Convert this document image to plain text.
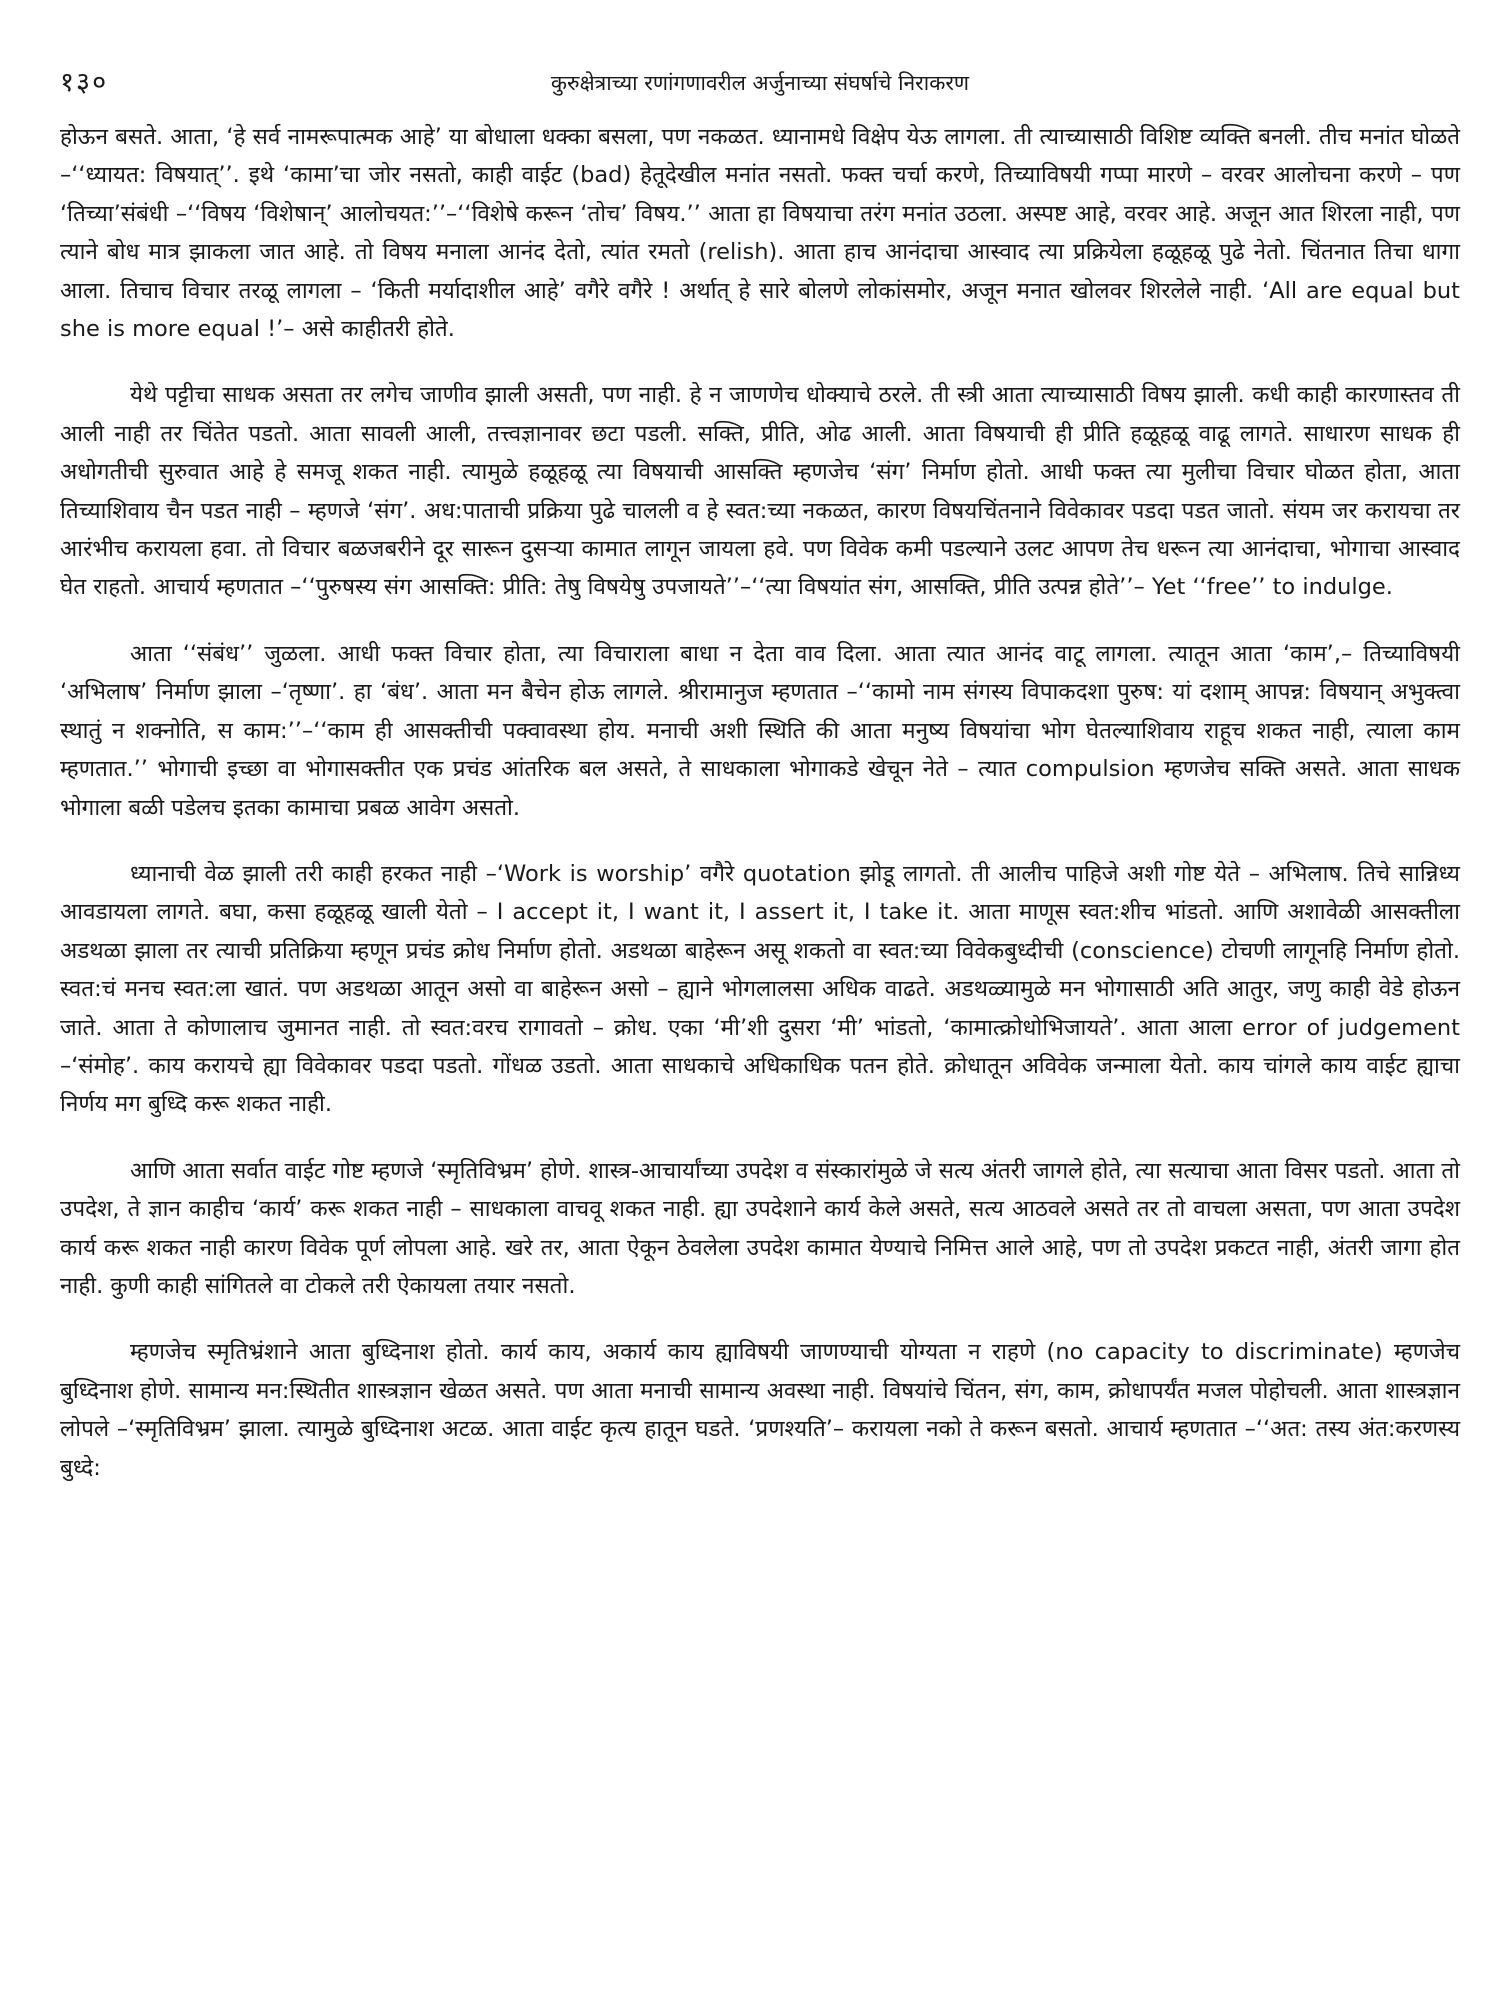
१३०	कुरुक्षेत्राच्या रणांगणावरील अर्जुनाच्या संघर्षाचे निराकरण

होऊन बसते. आता, ‘हे सर्व नामरूपात्मक आहे’ या बोधाला धक्का बसला, पण नकळत. ध्यानामधे विक्षेप येऊ लागला. ती त्याच्यासाठी विशिष्ट व्यक्ति बनली. तीच मनांत घोळते –‘‘ध्यायत: विषयात्’’. इथे ‘कामा’चा जोर नसतो, काही वाईट (bad) हेतूदेखील मनांत नसतो. फक्त चर्चा करणे, तिच्याविषयी गप्पा मारणे – वरवर आलोचना करणे – पण ‘तिच्या’संबंधी –‘‘विषय ‘विशेषान्’ आलोचयत:’’–‘‘विशेषे करून ‘तोच’ विषय.’’ आता हा विषयाचा तरंग मनांत उठला. अस्पष्ट आहे, वरवर आहे. अजून आत शिरला नाही, पण त्याने बोध मात्र झाकला जात आहे. तो विषय मनाला आनंद देतो, त्यांत रमतो (relish). आता हाच आनंदाचा आस्वाद त्या प्रक्रियेला हळूहळू पुढे नेतो. चिंतनात तिचा धागा आला. तिचाच विचार तरळू लागला – ‘किती मर्यादाशील आहे’ वगैरे वगैरे ! अर्थात् हे सारे बोलणे लोकांसमोर, अजून मनात खोलवर शिरलेले नाही. ‘All are equal but she is more equal !’– असे काहीतरी होते.

येथे पट्टीचा साधक असता तर लगेच जाणीव झाली असती, पण नाही. हे न जाणणेच धोक्याचे ठरले. ती स्त्री आता त्याच्यासाठी विषय झाली. कधी काही कारणास्तव ती आली नाही तर चिंतेत पडतो. आता सावली आली, तत्त्वज्ञानावर छटा पडली. सक्ति, प्रीति, ओढ आली. आता विषयाची ही प्रीति हळूहळू वाढू लागते. साधारण साधक ही अधोगतीची सुरुवात आहे हे समजू शकत नाही. त्यामुळे हळूहळू त्या विषयाची आसक्ति म्हणजेच ‘संग’ निर्माण होतो. आधी फक्त त्या मुलीचा विचार घोळत होता, आता तिच्याशिवाय चैन पडत नाही – म्हणजे ‘संग’. अध:पाताची प्रक्रिया पुढे चालली व हे स्वत:च्या नकळत, कारण विषयचिंतनाने विवेकावर पडदा पडत जातो. संयम जर करायचा तर आरंभीच करायला हवा. तो विचार बळजबरीने दूर सारून दुसऱ्या कामात लागून जायला हवे. पण विवेक कमी पडल्याने उलट आपण तेच धरून त्या आनंदाचा, भोगाचा आस्वाद घेत राहतो. आचार्य म्हणतात –‘‘पुरुषस्य संग आसक्ति: प्रीति: तेषु विषयेषु उपजायते’’–‘‘त्या विषयांत संग, आसक्ति, प्रीति उत्पन्न होते’’– Yet ‘‘free’’ to indulge.

आता ‘‘संबंध’’ जुळला. आधी फक्त विचार होता, त्या विचाराला बाधा न देता वाव दिला. आता त्यात आनंद वाटू लागला. त्यातून आता ‘काम’,– तिच्याविषयी ‘अभिलाष’ निर्माण झाला –‘तृष्णा’. हा ‘बंध’. आता मन बैचेन होऊ लागले. श्रीरामानुज म्हणतात –‘‘कामो नाम संगस्य विपाकदशा पुरुष: यां दशाम् आपन्न: विषयान् अभुक्त्वा स्थातुं न शक्नोति, स काम:’’–‘‘काम ही आसक्तीची पक्वावस्था होय. मनाची अशी स्थिति की आता मनुष्य विषयांचा भोग घेतल्याशिवाय राहूच शकत नाही, त्याला काम म्हणतात.’’ भोगाची इच्छा वा भोगासक्तीत एक प्रचंड आंतरिक बल असते, ते साधकाला भोगाकडे खेचून नेते – त्यात compulsion म्हणजेच सक्ति असते. आता साधक भोगाला बळी पडेलच इतका कामाचा प्रबळ आवेग असतो.

ध्यानाची वेळ झाली तरी काही हरकत नाही –‘Work is worship’ वगैरे quotation झोडू लागतो. ती आलीच पाहिजे अशी गोष्ट येते – अभिलाष. तिचे सान्निध्य आवडायला लागते. बघा, कसा हळूहळू खाली येतो – I accept it, I want it, I assert it, I take it. आता माणूस स्वत:शीच भांडतो. आणि अशावेळी आसक्तीला अडथळा झाला तर त्याची प्रतिक्रिया म्हणून प्रचंड क्रोध निर्माण होतो. अडथळा बाहेरून असू शकतो वा स्वत:च्या विवेकबुध्दीची (conscience) टोचणी लागूनहि निर्माण होतो. स्वत:चं मनच स्वत:ला खातं. पण अडथळा आतून असो वा बाहेरून असो – ह्याने भोगलालसा अधिक वाढते. अडथळ्यामुळे मन भोगासाठी अति आतुर, जणु काही वेडे होऊन जाते. आता ते कोणालाच जुमानत नाही. तो स्वत:वरच रागावतो – क्रोध. एका ‘मी’शी दुसरा ‘मी’ भांडतो, ‘कामात्क्रोधोभिजायते’. आता आला error of judgement –‘संमोह’. काय करायचे ह्या विवेकावर पडदा पडतो. गोंधळ उडतो. आता साधकाचे अधिकाधिक पतन होते. क्रोधातून अविवेक जन्माला येतो. काय चांगले काय वाईट ह्याचा निर्णय मग बुध्दि करू शकत नाही.

आणि आता सर्वात वाईट गोष्ट म्हणजे ‘स्मृतिविभ्रम’ होणे. शास्त्र-आचार्यांच्या उपदेश व संस्कारांमुळे जे सत्य अंतरी जागले होते, त्या सत्याचा आता विसर पडतो. आता तो उपदेश, ते ज्ञान काहीच ‘कार्य’ करू शकत नाही – साधकाला वाचवू शकत नाही. ह्या उपदेशाने कार्य केले असते, सत्य आठवले असते तर तो वाचला असता, पण आता उपदेश कार्य करू शकत नाही कारण विवेक पूर्ण लोपला आहे. खरे तर, आता ऐकून ठेवलेला उपदेश कामात येण्याचे निमित्त आले आहे, पण तो उपदेश प्रकटत नाही, अंतरी जागा होत नाही. कुणी काही सांगितले वा टोकले तरी ऐकायला तयार नसतो.

म्हणजेच स्मृतिभ्रंशाने आता बुध्दिनाश होतो. कार्य काय, अकार्य काय ह्याविषयी जाणण्याची योग्यता न राहणे (no capacity to discriminate) म्हणजेच बुध्दिनाश होणे. सामान्य मन:स्थितीत शास्त्रज्ञान खेळत असते. पण आता मनाची सामान्य अवस्था नाही. विषयांचे चिंतन, संग, काम, क्रोधापर्यंत मजल पोहोचली. आता शास्त्रज्ञान लोपले –‘स्मृतिविभ्रम’ झाला. त्यामुळे बुध्दिनाश अटळ. आता वाईट कृत्य हातून घडते. ‘प्रणश्यति’– करायला नको ते करून बसतो. आचार्य म्हणतात –‘‘अत: तस्य अंत:करणस्य बुध्दे:
